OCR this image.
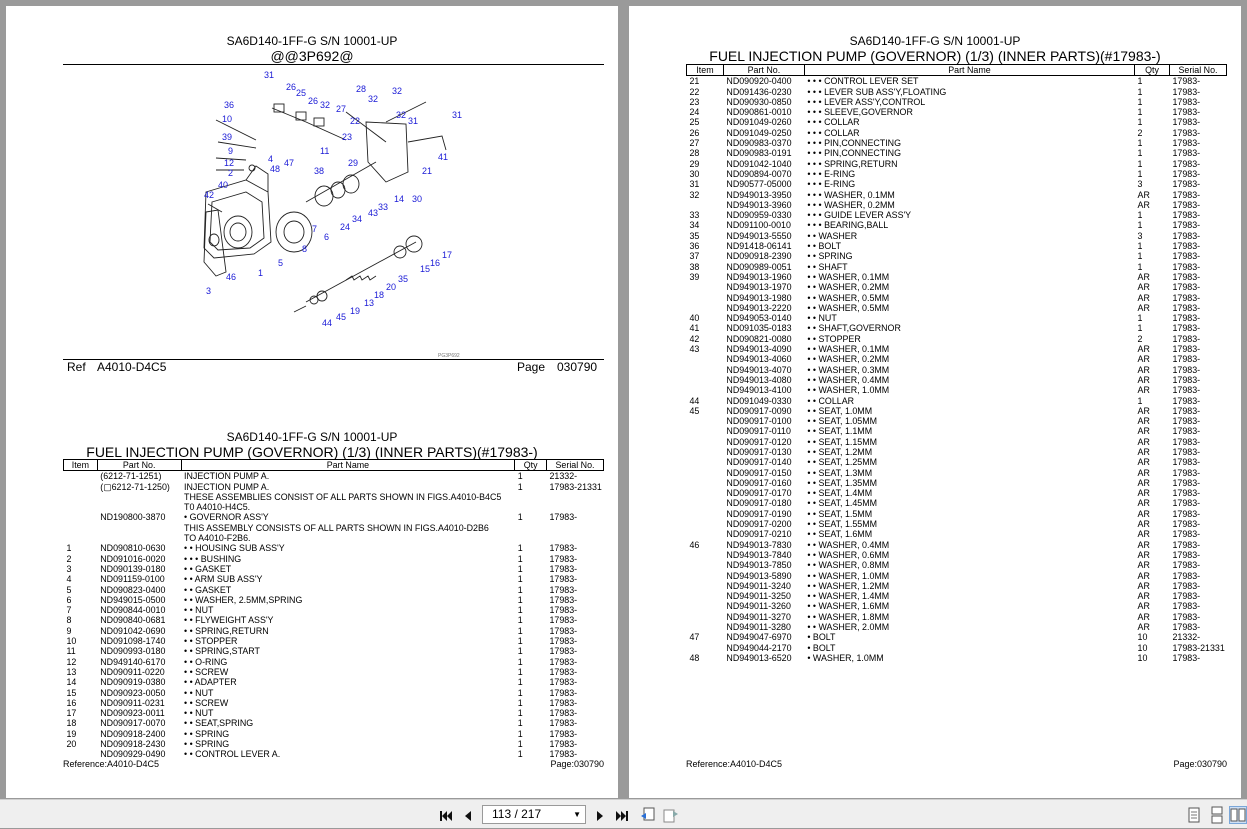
SA6D140-1FF-G S/N 10001-UP
@@3P692@
31
26
25	28	32
36	26 32 27
22
32
31
32
31
10
39	23
11
41
9
12	4 47	29
2	48	38	21
40
42	14 30
33
43
34
24
6
7
8
5
1
46
3
17
16
15
35
20
18
13
19
45
44
PG3P692
Ref A4010-D4C5	Page 030790
SA6D140-1FF-G S/N 10001-UP
FUEL INJECTION PUMP (GOVERNOR) (1/3) (INNER PARTS)(#17983-)
Item	Part No.	Part Name	Qty	Serial No.
	(6212-71-1251)	INJECTION PUMP A.	1	21332-
	(▢6212-71-1250)	INJECTION PUMP A.	1	17983-21331
		THESE ASSEMBLIES CONSIST OF ALL PARTS SHOWN IN FIGS.A4010-B4C5		
		T0 A4010-H4C5.		
	ND190800-3870	• GOVERNOR ASS'Y	1	17983-
		THIS ASSEMBLY CONSISTS OF ALL PARTS SHOWN IN FIGS.A4010-D2B6		
		TO A4010-F2B6.		
1	ND090810-0630	• • HOUSING SUB ASS'Y	1	17983-
2	ND091016-0020	• • • BUSHING	1	17983-
3	ND090139-0180	• • GASKET	1	17983-
4	ND091159-0100	• • ARM SUB ASS'Y	1	17983-
5	ND090823-0400	• • GASKET	1	17983-
6	ND949015-0500	• • WASHER, 2.5MM,SPRING	1	17983-
7	ND090844-0010	• • NUT	1	17983-
8	ND090840-0681	• • FLYWEIGHT ASS'Y	1	17983-
9	ND091042-0690	• • SPRING,RETURN	1	17983-
10	ND091098-1740	• • STOPPER	1	17983-
11	ND090993-0180	• • SPRING,START	1	17983-
12	ND949140-6170	• • O-RING	1	17983-
13	ND090911-0220	• • SCREW	1	17983-
14	ND090919-0380	• • ADAPTER	1	17983-
15	ND090923-0050	• • NUT	1	17983-
16	ND090911-0231	• • SCREW	1	17983-
17	ND090923-0011	• • NUT	1	17983-
18	ND090917-0070	• • SEAT,SPRING	1	17983-
19	ND090918-2400	• • SPRING	1	17983-
20	ND090918-2430	• • SPRING	1	17983-
	ND090929-0490	• • CONTROL LEVER A.	1	17983-
Reference:A4010-D4C5	Page:030790
SA6D140-1FF-G S/N 10001-UP
FUEL INJECTION PUMP (GOVERNOR) (1/3) (INNER PARTS)(#17983-)
Item	Part No.	Part Name	Qty	Serial No.
21	ND090920-0400	• • • CONTROL LEVER SET	1	17983-
22	ND091436-0230	• • • LEVER SUB ASS'Y,FLOATING	1	17983-
23	ND090930-0850	• • • LEVER ASS'Y,CONTROL	1	17983-
24	ND090861-0010	• • • SLEEVE,GOVERNOR	1	17983-
25	ND091049-0260	• • • COLLAR	1	17983-
26	ND091049-0250	• • • COLLAR	2	17983-
27	ND090983-0370	• • • PIN,CONNECTING	1	17983-
28	ND090983-0191	• • • PIN,CONNECTING	1	17983-
29	ND091042-1040	• • • SPRING,RETURN	1	17983-
30	ND090894-0070	• • • E-RING	1	17983-
31	ND90577-05000	• • • E-RING	3	17983-
32	ND949013-3950	• • • WASHER, 0.1MM	AR	17983-
	ND949013-3960	• • • WASHER, 0.2MM	AR	17983-
33	ND090959-0330	• • • GUIDE LEVER ASS'Y	1	17983-
34	ND091100-0010	• • • BEARING,BALL	1	17983-
35	ND949013-5550	• • WASHER	3	17983-
36	ND91418-06141	• • BOLT	1	17983-
37	ND090918-2390	• • SPRING	1	17983-
38	ND090989-0051	• • SHAFT	1	17983-
39	ND949013-1960	• • WASHER, 0.1MM	AR	17983-
	ND949013-1970	• • WASHER, 0.2MM	AR	17983-
	ND949013-1980	• • WASHER, 0.5MM	AR	17983-
	ND949013-2220	• • WASHER, 0.5MM	AR	17983-
40	ND949053-0140	• • NUT	1	17983-
41	ND091035-0183	• • SHAFT,GOVERNOR	1	17983-
42	ND090821-0080	• • STOPPER	2	17983-
43	ND949013-4090	• • WASHER, 0.1MM	AR	17983-
	ND949013-4060	• • WASHER, 0.2MM	AR	17983-
	ND949013-4070	• • WASHER, 0.3MM	AR	17983-
	ND949013-4080	• • WASHER, 0.4MM	AR	17983-
	ND949013-4100	• • WASHER, 1.0MM	AR	17983-
44	ND091049-0330	• • COLLAR	1	17983-
45	ND090917-0090	• • SEAT, 1.0MM	AR	17983-
	ND090917-0100	• • SEAT, 1.05MM	AR	17983-
	ND090917-0110	• • SEAT, 1.1MM	AR	17983-
	ND090917-0120	• • SEAT, 1.15MM	AR	17983-
	ND090917-0130	• • SEAT, 1.2MM	AR	17983-
	ND090917-0140	• • SEAT, 1.25MM	AR	17983-
	ND090917-0150	• • SEAT, 1.3MM	AR	17983-
	ND090917-0160	• • SEAT, 1.35MM	AR	17983-
	ND090917-0170	• • SEAT, 1.4MM	AR	17983-
	ND090917-0180	• • SEAT, 1.45MM	AR	17983-
	ND090917-0190	• • SEAT, 1.5MM	AR	17983-
	ND090917-0200	• • SEAT, 1.55MM	AR	17983-
	ND090917-0210	• • SEAT, 1.6MM	AR	17983-
46	ND949013-7830	• • WASHER, 0.4MM	AR	17983-
	ND949013-7840	• • WASHER, 0.6MM	AR	17983-
	ND949013-7850	• • WASHER, 0.8MM	AR	17983-
	ND949013-5890	• • WASHER, 1.0MM	AR	17983-
	ND949011-3240	• • WASHER, 1.2MM	AR	17983-
	ND949011-3250	• • WASHER, 1.4MM	AR	17983-
	ND949011-3260	• • WASHER, 1.6MM	AR	17983-
	ND949011-3270	• • WASHER, 1.8MM	AR	17983-
	ND949011-3280	• • WASHER, 2.0MM	AR	17983-
47	ND949047-6970	• BOLT	10	21332-
	ND949044-2170	• BOLT	10	17983-21331
48	ND949013-6520	• WASHER, 1.0MM	10	17983-
Reference:A4010-D4C5	Page:030790
113 / 217	▼
